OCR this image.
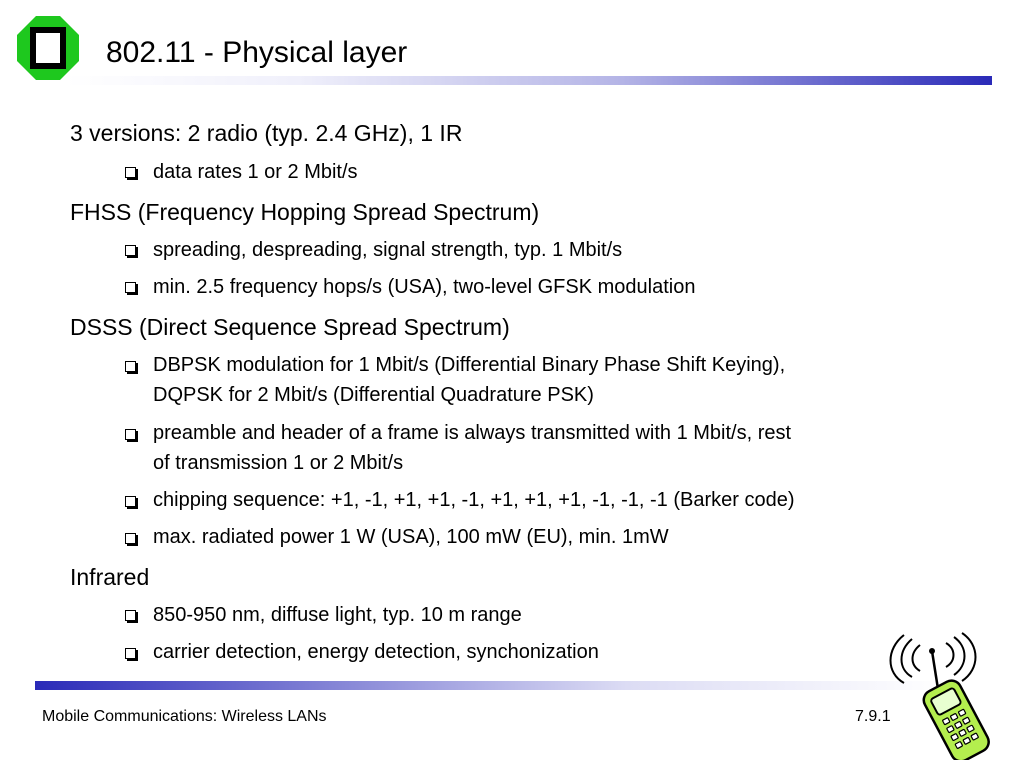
802.11 - Physical layer
3 versions: 2 radio (typ. 2.4 GHz), 1 IR
data rates 1 or 2 Mbit/s
FHSS (Frequency Hopping Spread Spectrum)
spreading, despreading, signal strength, typ. 1 Mbit/s
min. 2.5 frequency hops/s (USA), two-level GFSK modulation
DSSS (Direct Sequence Spread Spectrum)
DBPSK modulation for 1 Mbit/s (Differential Binary Phase Shift Keying),
DQPSK for 2 Mbit/s (Differential Quadrature PSK)
preamble and header of a frame is always transmitted with 1 Mbit/s, rest
of transmission 1 or 2 Mbit/s
chipping sequence: +1, -1, +1, +1, -1, +1, +1, +1, -1, -1, -1 (Barker code)
max. radiated power 1 W (USA), 100 mW (EU), min. 1mW
Infrared
850-950 nm, diffuse light, typ. 10 m range
carrier detection, energy detection, synchonization
Mobile Communications: Wireless LANs	7.9.1
